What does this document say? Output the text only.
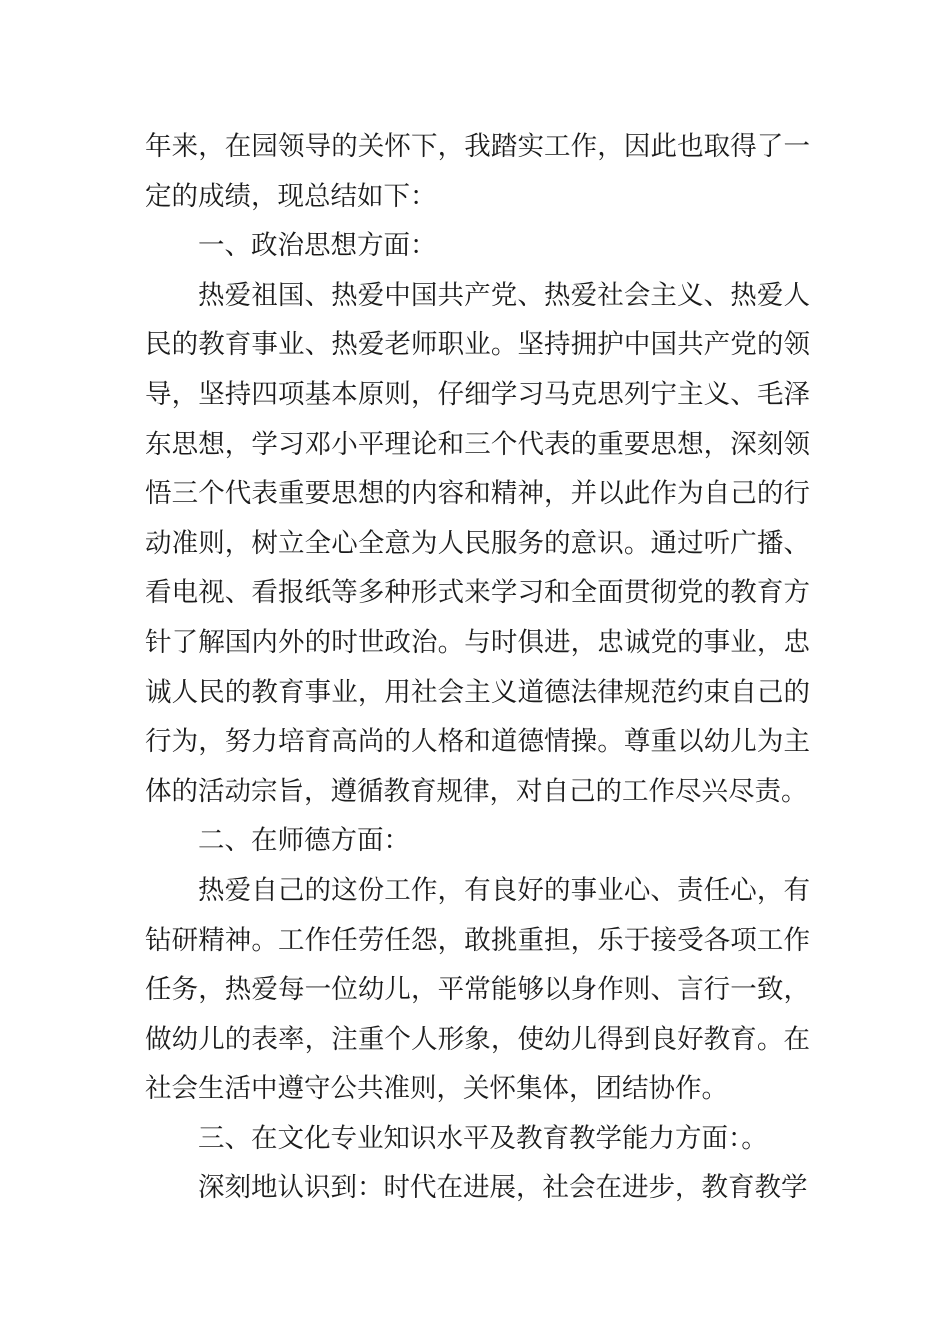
年来，在园领导的关怀下，我踏实工作，因此也取得了一定的成绩，现总结如下：

一、政治思想方面：

热爱祖国、热爱中国共产党、热爱社会主义、热爱人民的教育事业、热爱老师职业。坚持拥护中国共产党的领导，坚持四项基本原则，仔细学习马克思列宁主义、毛泽东思想，学习邓小平理论和三个代表的重要思想，深刻领悟三个代表重要思想的内容和精神，并以此作为自己的行动准则，树立全心全意为人民服务的意识。通过听广播、看电视、看报纸等多种形式来学习和全面贯彻党的教育方针了解国内外的时世政治。与时俱进，忠诚党的事业，忠诚人民的教育事业，用社会主义道德法律规范约束自己的行为，努力培育高尚的人格和道德情操。尊重以幼儿为主体的活动宗旨，遵循教育规律，对自己的工作尽兴尽责。

二、在师德方面：

热爱自己的这份工作，有良好的事业心、责任心，有钻研精神。工作任劳任怨，敢挑重担，乐于接受各项工作任务，热爱每一位幼儿，平常能够以身作则、言行一致，做幼儿的表率，注重个人形象，使幼儿得到良好教育。在社会生活中遵守公共准则，关怀集体，团结协作。

三、在文化专业知识水平及教育教学能力方面：。

深刻地认识到：时代在进展，社会在进步，教育教学
